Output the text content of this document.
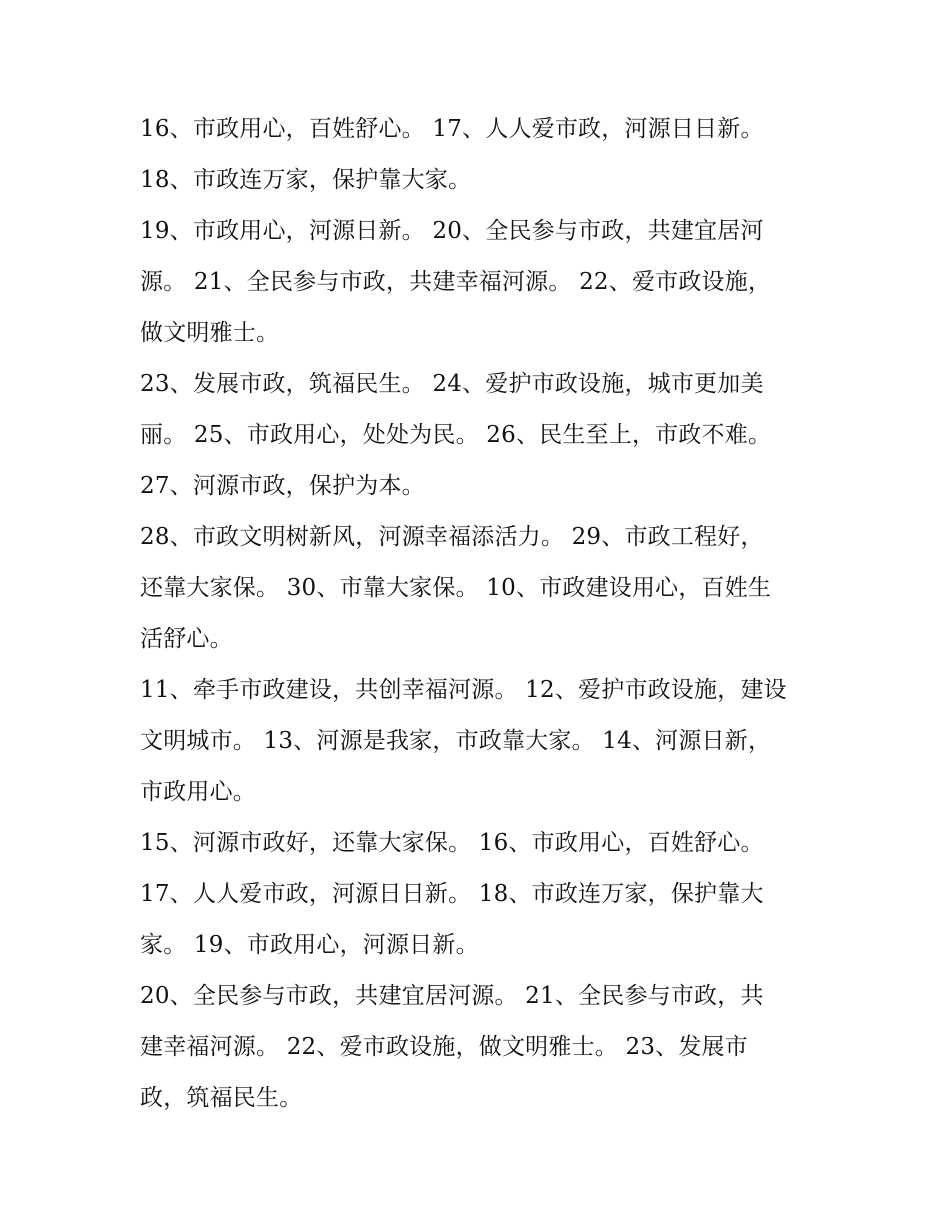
16、市政用心，百姓舒心。 17、人人爱市政，河源日日新。
18、市政连万家，保护靠大家。
19、市政用心，河源日新。 20、全民参与市政，共建宜居河
源。 21、全民参与市政，共建幸福河源。 22、爱市政设施，
做文明雅士。
23、发展市政，筑福民生。 24、爱护市政设施，城市更加美
丽。 25、市政用心，处处为民。 26、民生至上，市政不难。
27、河源市政，保护为本。
28、市政文明树新风，河源幸福添活力。 29、市政工程好，
还靠大家保。 30、市靠大家保。 10、市政建设用心，百姓生
活舒心。
11、牵手市政建设，共创幸福河源。 12、爱护市政设施，建设
文明城市。 13、河源是我家，市政靠大家。 14、河源日新，
市政用心。
15、河源市政好，还靠大家保。 16、市政用心，百姓舒心。
17、人人爱市政，河源日日新。 18、市政连万家，保护靠大
家。 19、市政用心，河源日新。
20、全民参与市政，共建宜居河源。 21、全民参与市政，共
建幸福河源。 22、爱市政设施，做文明雅士。 23、发展市
政，筑福民生。
